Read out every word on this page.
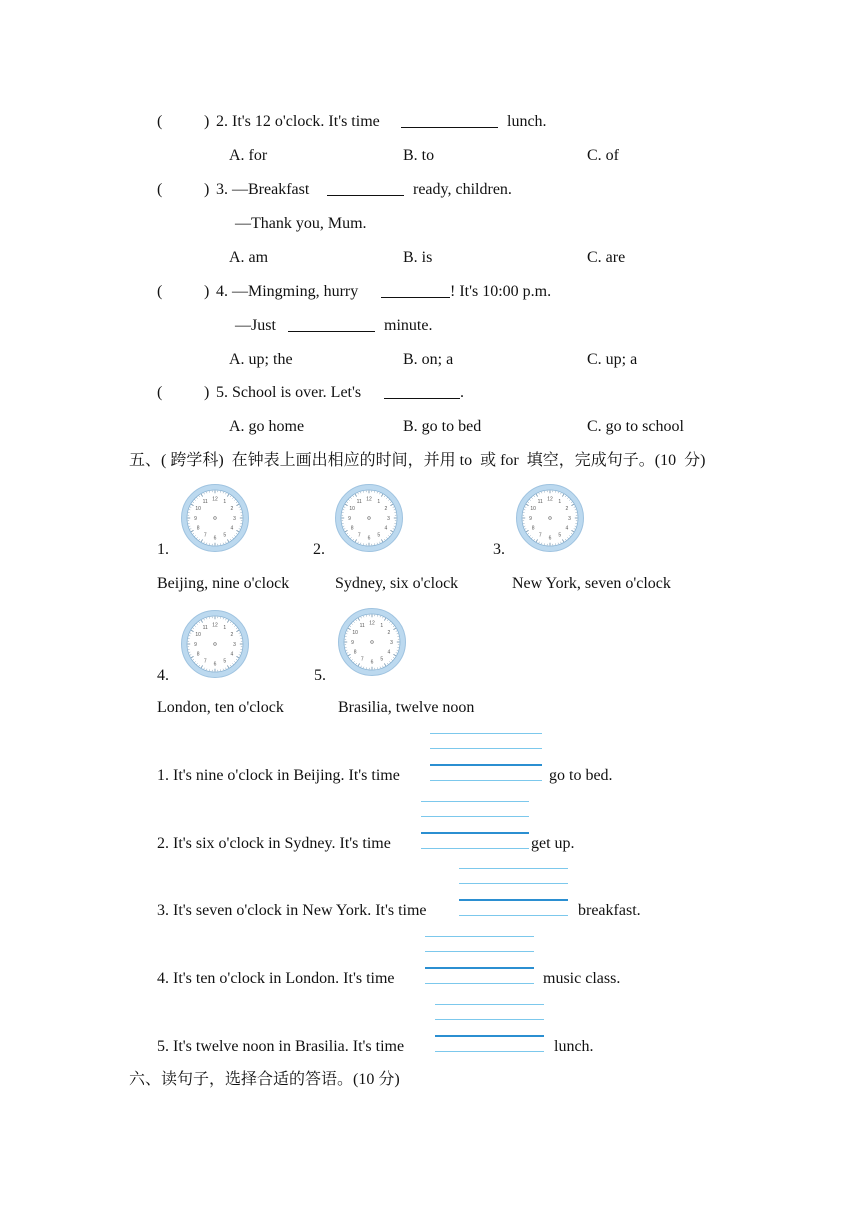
(	) 2. It's 12 o'clock. It's time	lunch.
A. for	B. to	C. of
(	) 3. —Breakfast	ready, children.
—Thank you, Mum.
A. am	B. is	C. are
(	) 4. —Mingming, hurry	! It's 10:00 p.m.
—Just	minute.
A. up; the	B. on; a	C. up; a
(	) 5. School is over. Let's	.
A. go home	B. go to bed	C. go to school
五、( 跨学科)  在钟表上画出相应的时间，并用 to  或 for  填空，完成句子。(10  分)
12 1
2
3
4
5
6
7
8
9
10
11	12 1
2
3
4
5
6
7
8
9
10
11	12 1
2
3
4
5
6
7
8
9
10
11
12 1
2
3
4
5
6
7
8
9
10
11
12 1
2
3
4
5
6
7
8
9
10
11
1.	2.	3.
Beijing, nine o'clock	Sydney, six o'clock	New York, seven o'clock
4.	5.
London, ten o'clock	Brasilia, twelve noon
1. It's nine o'clock in Beijing. It's time	go to bed.
2. It's six o'clock in Sydney. It's time	get up.
3. It's seven o'clock in New York. It's time	breakfast.
4. It's ten o'clock in London. It's time	music class.
5. It's twelve noon in Brasilia. It's time	lunch.
六、读句子，选择合适的答语。(10 分)
